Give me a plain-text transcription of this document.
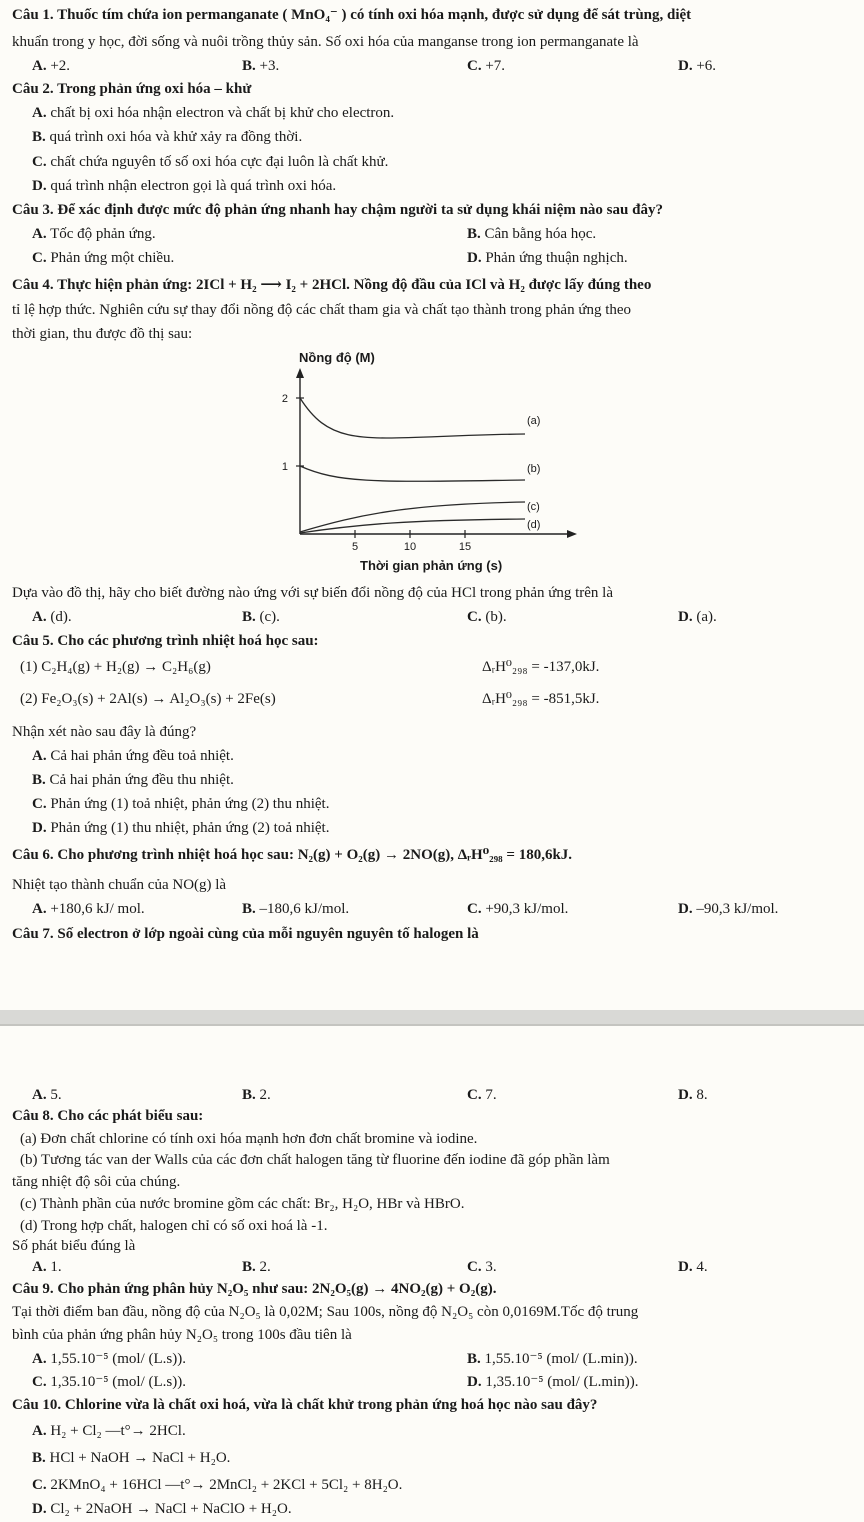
Câu 1. Thuốc tím chứa ion permanganate ( MnO₄⁻ ) có tính oxi hóa mạnh, được sử dụng để sát trùng, diệt
khuẩn trong y học, đời sống và nuôi trồng thủy sản. Số oxi hóa của manganse trong ion permanganate là
A. +2.	B. +3.	C. +7.	D. +6.
Câu 2. Trong phản ứng oxi hóa – khử
A. chất bị oxi hóa nhận electron và chất bị khử cho electron.
B. quá trình oxi hóa và khử xảy ra đồng thời.
C. chất chứa nguyên tố số oxi hóa cực đại luôn là chất khử.
D. quá trình nhận electron gọi là quá trình oxi hóa.
Câu 3. Để xác định được mức độ phản ứng nhanh hay chậm người ta sử dụng khái niệm nào sau đây?
A. Tốc độ phản ứng.	B. Cân bằng hóa học.
C. Phản ứng một chiều.	D. Phản ứng thuận nghịch.
Câu 4. Thực hiện phản ứng: 2ICl + H₂ ⟶ I₂ + 2HCl. Nồng độ đầu của ICl và H₂ được lấy đúng theo
tỉ lệ hợp thức. Nghiên cứu sự thay đổi nồng độ các chất tham gia và chất tạo thành trong phản ứng theo
thời gian, thu được đồ thị sau:
Nồng độ (M)
1
2
5	10	15
(a)
(b)
(c)
(d)
Thời gian phản ứng (s)
Dựa vào đồ thị, hãy cho biết đường nào ứng với sự biến đổi nồng độ của HCl trong phản ứng trên là
A. (d).	B. (c).	C. (b).	D. (a).
Câu 5. Cho các phương trình nhiệt hoá học sau:
(1) C₂H₄(g) + H₂(g) → C₂H₆(g)	ΔᵣH⁰₂₉₈ = -137,0kJ.
(2) Fe₂O₃(s) + 2Al(s) → Al₂O₃(s) + 2Fe(s)	ΔᵣH⁰₂₉₈ = -851,5kJ.
Nhận xét nào sau đây là đúng?
A. Cả hai phản ứng đều toả nhiệt.
B. Cả hai phản ứng đều thu nhiệt.
C. Phản ứng (1) toả nhiệt, phản ứng (2) thu nhiệt.
D. Phản ứng (1) thu nhiệt, phản ứng (2) toả nhiệt.
Câu 6. Cho phương trình nhiệt hoá học sau: N₂(g) + O₂(g) → 2NO(g), ΔᵣH⁰₂₉₈ = 180,6kJ.
Nhiệt tạo thành chuẩn của NO(g) là
A. +180,6 kJ/ mol.	B. –180,6 kJ/mol.	C. +90,3 kJ/mol.	D. –90,3 kJ/mol.
Câu 7. Số electron ở lớp ngoài cùng của mỗi nguyên nguyên tố halogen là
A. 5.	B. 2.	C. 7.	D. 8.
Câu 8. Cho các phát biểu sau:
(a) Đơn chất chlorine có tính oxi hóa mạnh hơn đơn chất bromine và iodine.
(b) Tương tác van der Walls của các đơn chất halogen tăng từ fluorine đến iodine đã góp phần làm
tăng nhiệt độ sôi của chúng.
(c) Thành phần của nước bromine gồm các chất: Br₂, H₂O, HBr và HBrO.
(d) Trong hợp chất, halogen chỉ có số oxi hoá là -1.
Số phát biểu đúng là
A. 1.	B. 2.	C. 3.	D. 4.
Câu 9. Cho phản ứng phân hủy N₂O₅ như sau: 2N₂O₅(g) → 4NO₂(g) + O₂(g).
Tại thời điểm ban đầu, nồng độ của N₂O₅ là 0,02M; Sau 100s, nồng độ N₂O₅ còn 0,0169M.Tốc độ trung
bình của phản ứng phân hủy N₂O₅ trong 100s đầu tiên là
A. 1,55.10⁻⁵ (mol/ (L.s)).	B. 1,55.10⁻⁵ (mol/ (L.min)).
C. 1,35.10⁻⁵ (mol/ (L.s)).	D. 1,35.10⁻⁵ (mol/ (L.min)).
Câu 10. Chlorine vừa là chất oxi hoá, vừa là chất khử trong phản ứng hoá học nào sau đây?
A. H₂ + Cl₂ —t°→ 2HCl.
B. HCl + NaOH → NaCl + H₂O.
C. 2KMnO₄ + 16HCl —t°→ 2MnCl₂ + 2KCl + 5Cl₂ + 8H₂O.
D. Cl₂ + 2NaOH → NaCl + NaClO + H₂O.
